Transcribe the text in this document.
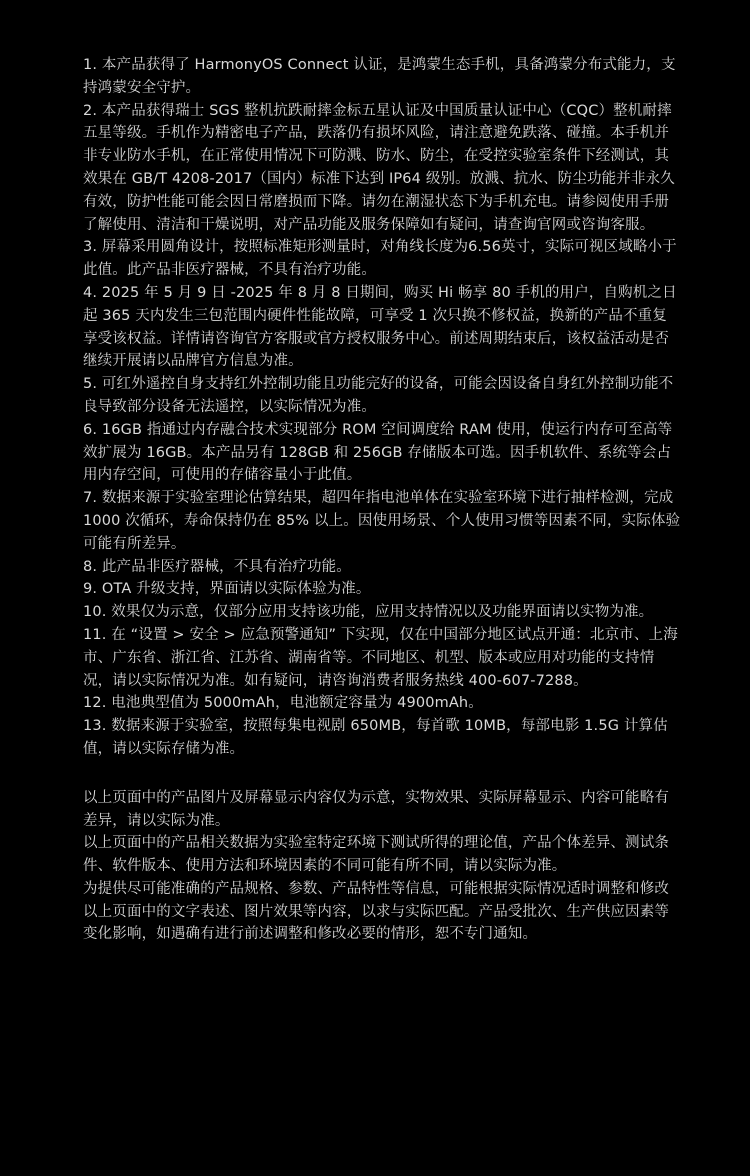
1. 本产品获得了 HarmonyOS Connect 认证，是鸿蒙生态手机，具备鸿蒙分布式能力，支持鸿蒙安全守护。
2. 本产品获得瑞士 SGS 整机抗跌耐摔金标五星认证及中国质量认证中心（CQC）整机耐摔五星等级。手机作为精密电子产品，跌落仍有损坏风险，请注意避免跌落、碰撞。本手机并非专业防水手机，在正常使用情况下可防溅、防水、防尘，在受控实验室条件下经测试，其效果在 GB/T 4208-2017（国内）标准下达到 IP64 级别。放溅、抗水、防尘功能并非永久有效，防护性能可能会因日常磨损而下降。请勿在潮湿状态下为手机充电。请参阅使用手册了解使用、清洁和干燥说明，对产品功能及服务保障如有疑问，请查询官网或咨询客服。
3. 屏幕采用圆角设计，按照标准矩形测量时，对角线长度为6.56英寸，实际可视区域略小于此值。此产品非医疗器械，不具有治疗功能。
4. 2025 年 5 月 9 日 -2025 年 8 月 8 日期间，购买 Hi 畅享 80 手机的用户，自购机之日起 365 天内发生三包范围内硬件性能故障，可享受 1 次只换不修权益，换新的产品不重复享受该权益。详情请咨询官方客服或官方授权服务中心。前述周期结束后，该权益活动是否继续开展请以品牌官方信息为准。
5. 可红外遥控自身支持红外控制功能且功能完好的设备，可能会因设备自身红外控制功能不良导致部分设备无法遥控，以实际情况为准。
6. 16GB 指通过内存融合技术实现部分 ROM 空间调度给 RAM 使用，使运行内存可至高等效扩展为 16GB。本产品另有 128GB 和 256GB 存储版本可选。因手机软件、系统等会占用内存空间，可使用的存储容量小于此值。
7. 数据来源于实验室理论估算结果，超四年指电池单体在实验室环境下进行抽样检测，完成 1000 次循环，寿命保持仍在 85% 以上。因使用场景、个人使用习惯等因素不同，实际体验可能有所差异。
8. 此产品非医疗器械，不具有治疗功能。
9. OTA 升级支持，界面请以实际体验为准。
10. 效果仅为示意，仅部分应用支持该功能，应用支持情况以及功能界面请以实物为准。
11. 在 “设置 > 安全 > 应急预警通知” 下实现，仅在中国部分地区试点开通：北京市、上海市、广东省、浙江省、江苏省、湖南省等。不同地区、机型、版本或应用对功能的支持情况，请以实际情况为准。如有疑问，请咨询消费者服务热线 400-607-7288。
12. 电池典型值为 5000mAh，电池额定容量为 4900mAh。
13. 数据来源于实验室，按照每集电视剧 650MB，每首歌 10MB，每部电影 1.5G 计算估值，请以实际存储为准。

以上页面中的产品图片及屏幕显示内容仅为示意，实物效果、实际屏幕显示、内容可能略有差异，请以实际为准。

以上页面中的产品相关数据为实验室特定环境下测试所得的理论值，产品个体差异、测试条件、软件版本、使用方法和环境因素的不同可能有所不同，请以实际为准。

为提供尽可能准确的产品规格、参数、产品特性等信息，可能根据实际情况适时调整和修改以上页面中的文字表述、图片效果等内容，以求与实际匹配。产品受批次、生产供应因素等变化影响，如遇确有进行前述调整和修改必要的情形，恕不专门通知。
